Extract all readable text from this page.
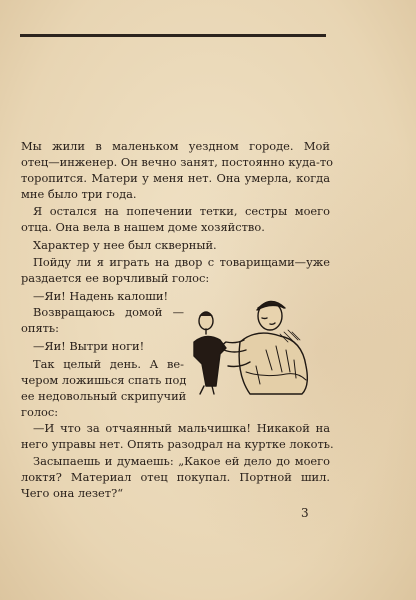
Мы жили в маленьком уездном городе. Мой
отец—инженер. Он вечно занят, постоянно куда-то
торопится. Матери у меня нет. Она умерла, когда
мне было три года.
Я остался на попечении тетки, сестры моего
отца. Она вела в нашем доме хозяйство.
Характер у нее был скверный.
Пойду ли я играть на двор с товарищами—уже
раздается ее ворчливый голос:
—Яи! Надень калоши!
Возвращаюсь домой —
опять:
—Яи! Вытри ноги!
Так целый день. А ве-
чером ложишься спать под
ее недовольный скрипучий
голос:
—И что за отчаянный мальчишка! Никакой на
него управы нет. Опять разодрал на куртке локоть.
Засыпаешь и думаешь: „Какое ей дело до моего
локтя? Материал отец покупал. Портной шил.
Чего она лезет?“
3
